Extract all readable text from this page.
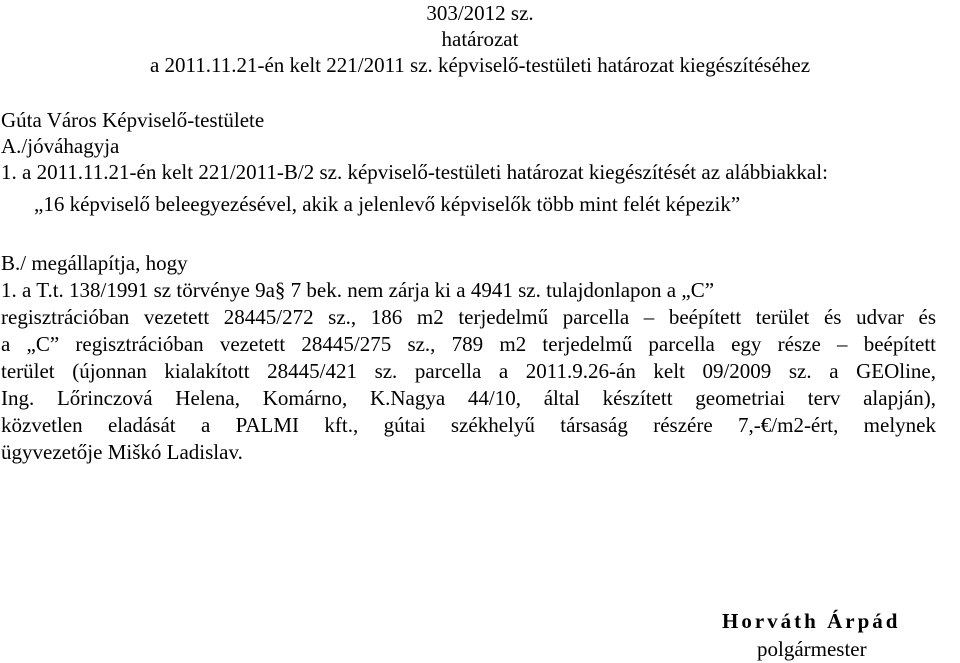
303/2012 sz.
határozat
a 2011.11.21-én kelt 221/2011 sz. képviselő-testületi határozat kiegészítéséhez
Gúta Város Képviselő-testülete
A./jóváhagyja
1. a 2011.11.21-én kelt 221/2011-B/2 sz. képviselő-testületi határozat kiegészítését az alábbiakkal:
„16 képviselő beleegyezésével, akik a jelenlevő képviselők több mint felét képezik”
B./ megállapítja, hogy
1. a T.t. 138/1991 sz törvénye 9a§ 7 bek. nem zárja ki a 4941 sz. tulajdonlapon a „C”
regisztrációban vezetett 28445/272 sz., 186 m2 terjedelmű parcella – beépített terület és udvar és
a „C” regisztrációban vezetett 28445/275 sz., 789 m2 terjedelmű parcella egy része – beépített
terület (újonnan kialakított 28445/421 sz. parcella a 2011.9.26-án kelt 09/2009 sz. a GEOline,
Ing. Lőrinczová Helena, Komárno, K.Nagya 44/10, által készített geometriai terv alapján),
közvetlen eladását a PALMI kft., gútai székhelyű társaság részére 7,-€/m2-ért, melynek
ügyvezetője Miškó Ladislav.
Horváth Árpád
polgármester
